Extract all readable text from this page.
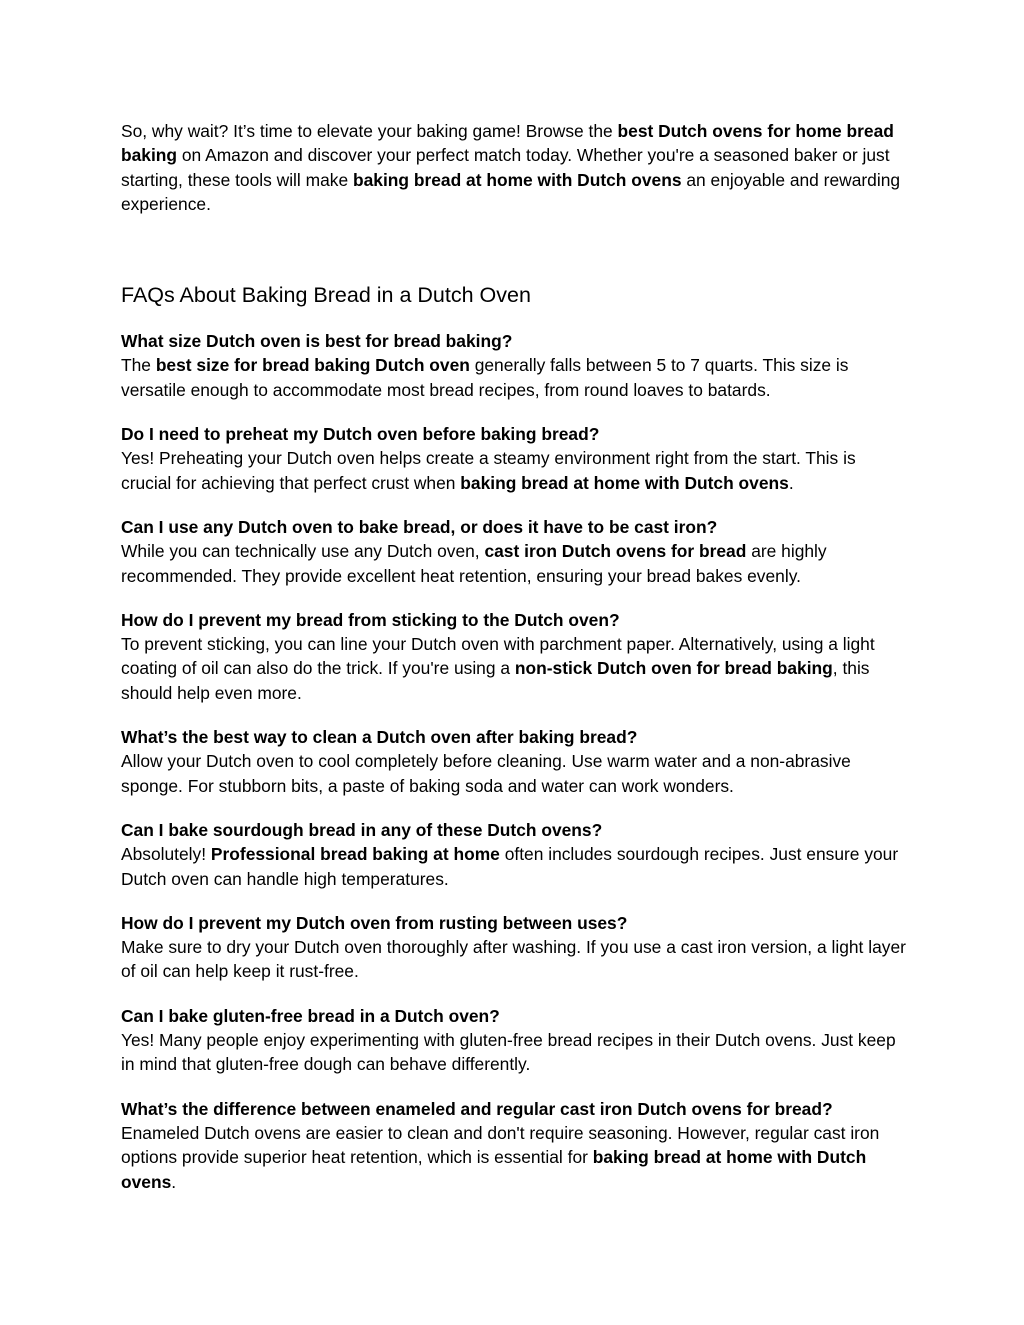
So, why wait? It’s time to elevate your baking game! Browse the best Dutch ovens for home bread baking on Amazon and discover your perfect match today. Whether you're a seasoned baker or just starting, these tools will make baking bread at home with Dutch ovens an enjoyable and rewarding experience.

FAQs About Baking Bread in a Dutch Oven

What size Dutch oven is best for bread baking?

The best size for bread baking Dutch oven generally falls between 5 to 7 quarts. This size is versatile enough to accommodate most bread recipes, from round loaves to batards.

Do I need to preheat my Dutch oven before baking bread?

Yes! Preheating your Dutch oven helps create a steamy environment right from the start. This is crucial for achieving that perfect crust when baking bread at home with Dutch ovens.

Can I use any Dutch oven to bake bread, or does it have to be cast iron?

While you can technically use any Dutch oven, cast iron Dutch ovens for bread are highly recommended. They provide excellent heat retention, ensuring your bread bakes evenly.

How do I prevent my bread from sticking to the Dutch oven?

To prevent sticking, you can line your Dutch oven with parchment paper. Alternatively, using a light coating of oil can also do the trick. If you're using a non-stick Dutch oven for bread baking, this should help even more.

What’s the best way to clean a Dutch oven after baking bread?

Allow your Dutch oven to cool completely before cleaning. Use warm water and a non-abrasive sponge. For stubborn bits, a paste of baking soda and water can work wonders.

Can I bake sourdough bread in any of these Dutch ovens?

Absolutely! Professional bread baking at home often includes sourdough recipes. Just ensure your Dutch oven can handle high temperatures.

How do I prevent my Dutch oven from rusting between uses?

Make sure to dry your Dutch oven thoroughly after washing. If you use a cast iron version, a light layer of oil can help keep it rust-free.

Can I bake gluten-free bread in a Dutch oven?

Yes! Many people enjoy experimenting with gluten-free bread recipes in their Dutch ovens. Just keep in mind that gluten-free dough can behave differently.

What’s the difference between enameled and regular cast iron Dutch ovens for bread?

Enameled Dutch ovens are easier to clean and don't require seasoning. However, regular cast iron options provide superior heat retention, which is essential for baking bread at home with Dutch ovens.
